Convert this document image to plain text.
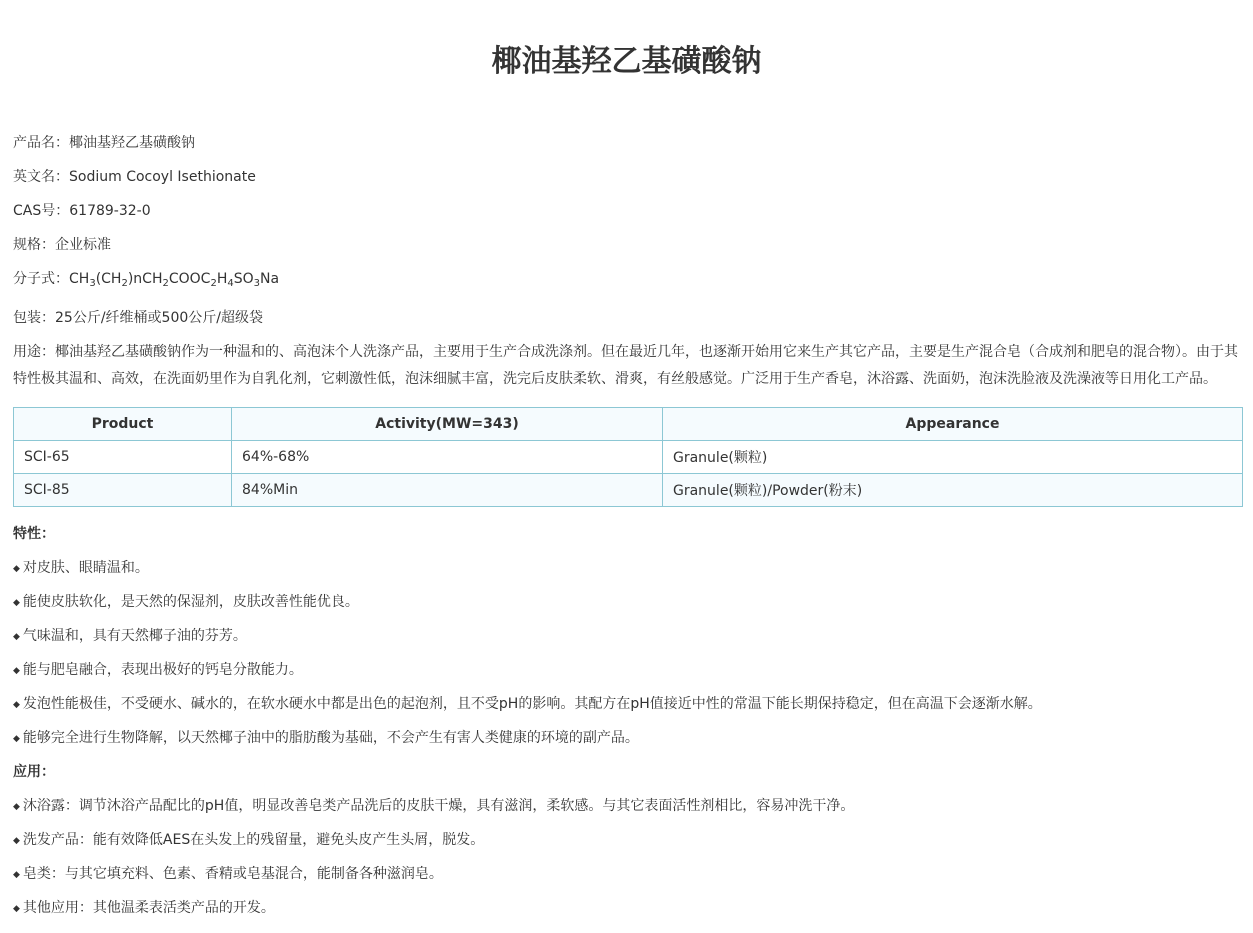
椰油基羟乙基磺酸钠
产品名：椰油基羟乙基磺酸钠
英文名：Sodium Cocoyl Isethionate
CAS号：61789-32-0
规格：企业标准
分子式：$CH_3(CH_2)nCH_2COOC_2H_4SO_3Na$
包装：25公斤/纤维桶或500公斤/超级袋
用途：椰油基羟乙基磺酸钠作为一种温和的、高泡沫个人洗涤产品，主要用于生产合成洗涤剂。但在最近几年，也逐渐开始用它来生产其它产品，主要是生产混合皂（合成剂和肥皂的混合物）。由于其特性极其温和、高效，在洗面奶里作为自乳化剂，它刺激性低，泡沫细腻丰富，洗完后皮肤柔软、滑爽，有丝般感觉。广泛用于生产香皂，沐浴露、洗面奶，泡沫洗脸液及洗澡液等日用化工产品。
Product	Activity(MW=343)	Appearance
SCI-65	64%-68%	Granule(颗粒)
SCI-85	84%Min	Granule(颗粒)/Powder(粉末)
特性：
◆ 对皮肤、眼睛温和。
◆ 能使皮肤软化，是天然的保湿剂，皮肤改善性能优良。
◆ 气味温和，具有天然椰子油的芬芳。
◆ 能与肥皂融合，表现出极好的钙皂分散能力。
◆ 发泡性能极佳，不受硬水、碱水的，在软水硬水中都是出色的起泡剂，且不受pH的影响。其配方在pH值接近中性的常温下能长期保持稳定，但在高温下会逐渐水解。
◆ 能够完全进行生物降解，以天然椰子油中的脂肪酸为基础，不会产生有害人类健康的环境的副产品。
应用：
◆ 沐浴露：调节沐浴产品配比的pH值，明显改善皂类产品洗后的皮肤干燥，具有滋润，柔软感。与其它表面活性剂相比，容易冲洗干净。
◆ 洗发产品：能有效降低AES在头发上的残留量，避免头皮产生头屑，脱发。
◆ 皂类：与其它填充料、色素、香精或皂基混合，能制备各种滋润皂。
◆ 其他应用：其他温柔表活类产品的开发。
